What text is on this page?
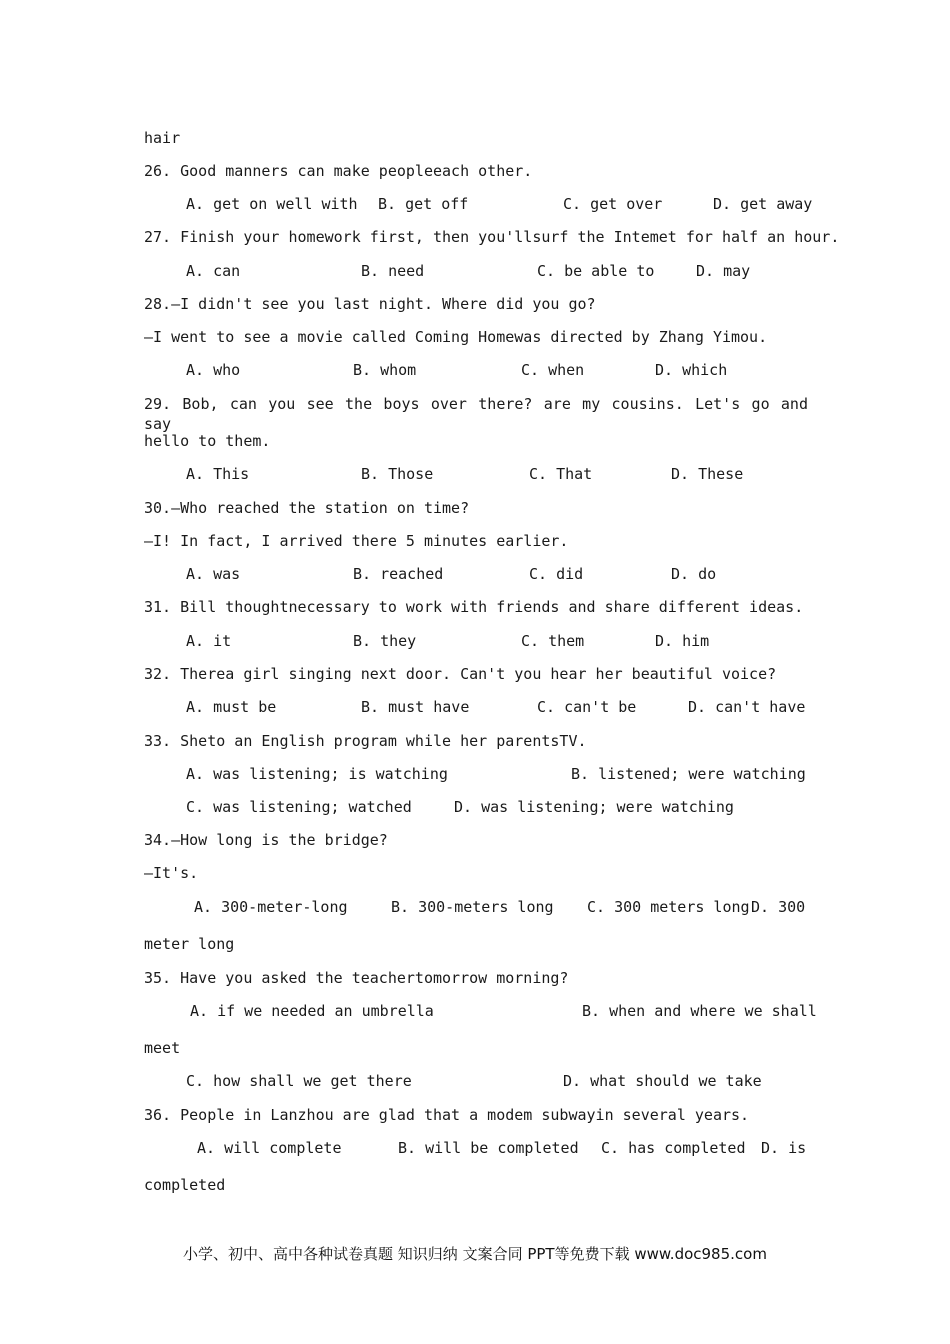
hair
26. Good manners can make peopleeach other.
A. get on well with B. get off	C. get over	D. get away
27. Finish your homework first, then you'llsurf the Intemet for half an hour.
A. can	B. need	C. be able to	D. may
28.—I didn't see you last night. Where did you go?
—I went to see a movie called Coming Homewas directed by Zhang Yimou.
A. who	B. whom	C. when	D. which
29. Bob, can you see the boys over there? are my cousins. Let's go and say
hello to them.
A. This	B. Those	C. That	D. These
30.—Who reached the station on time?
—I! In fact, I arrived there 5 minutes earlier.
A. was	B. reached	C. did	D. do
31. Bill thoughtnecessary to work with friends and share different ideas.
A. it	B. they	C. them	D. him
32. Therea girl singing next door. Can't you hear her beautiful voice?
A. must be	B. must have	C. can't be	D. can't have
33. Sheto an English program while her parentsTV.
A. was listening; is watching	B. listened; were watching
C. was listening; watched	D. was listening; were watching
34.—How long is the bridge?
—It's.
A. 300-meter-long	B. 300-meters long C. 300 meters long D. 300
meter long
35. Have you asked the teachertomorrow morning?
A. if we needed an umbrella	B. when and where we shall
meet
C. how shall we get there	D. what should we take
36. People in Lanzhou are glad that a modem subwayin several years.
A. will complete	B. will be completed C. has completed D. is
completed
小学、初中、高中各种试卷真题 知识归纳 文案合同 PPT等免费下载 www.doc985.com
